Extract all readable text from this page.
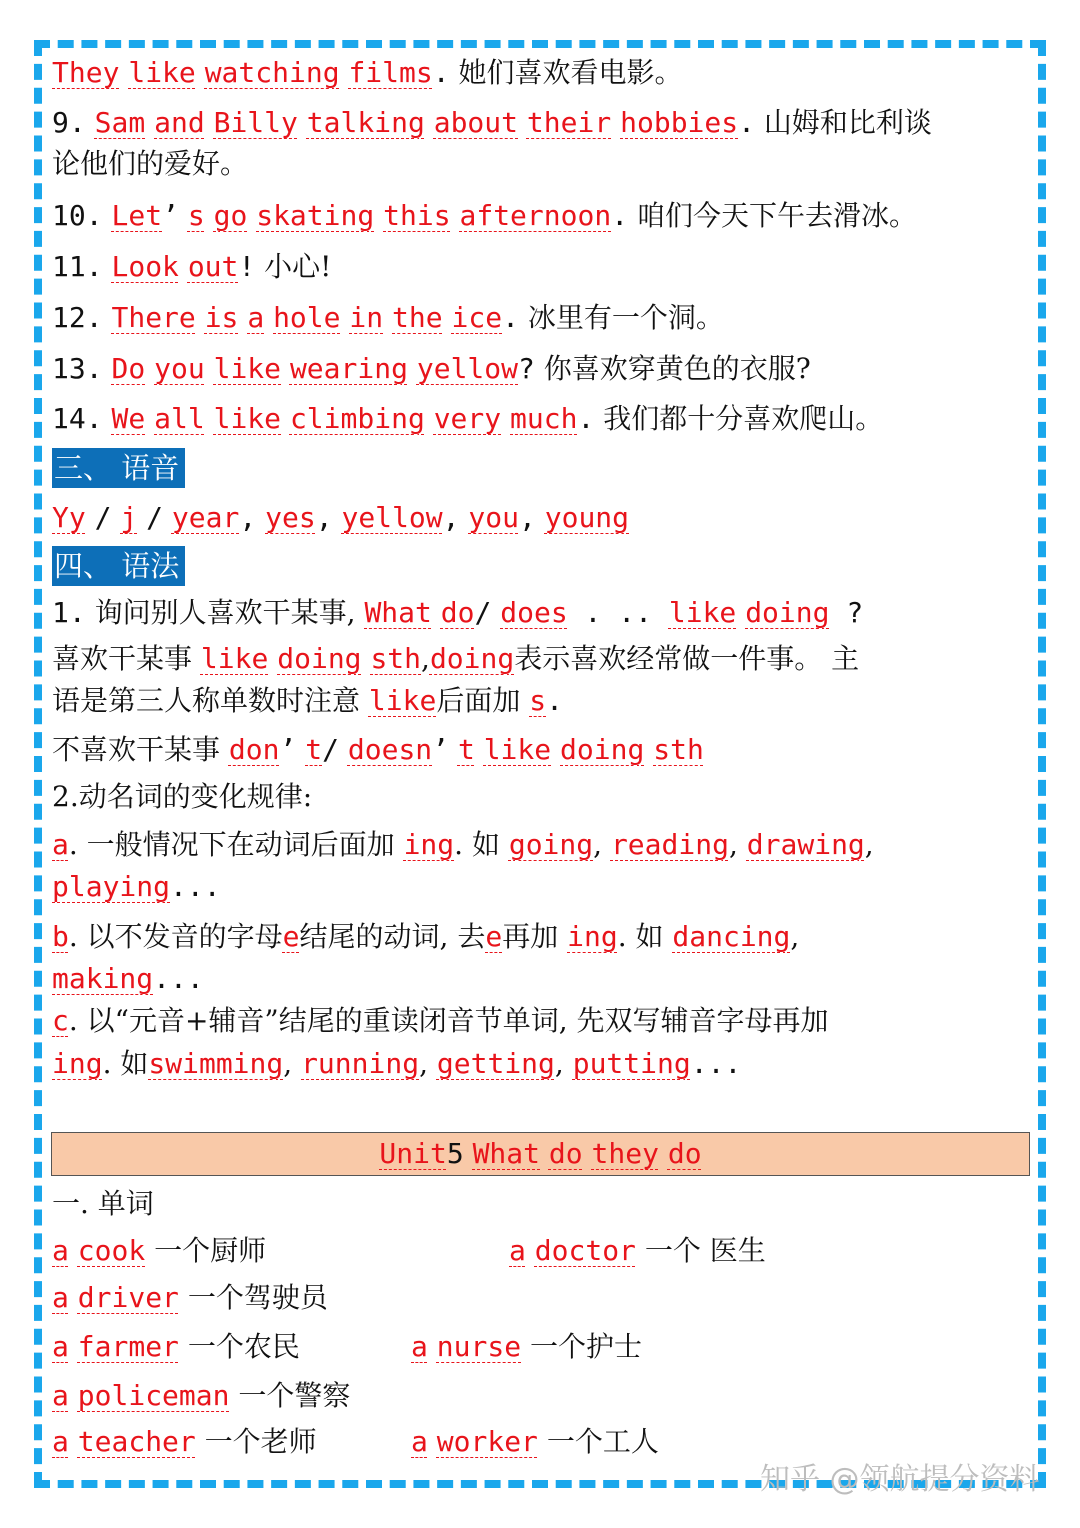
They like watching films. 她们喜欢看电影。
9. Sam and Billy talking about their hobbies. 山姆和比利谈
论他们的爱好。
10. Let’ s go skating this afternoon. 咱们今天下午去滑冰。
11. Look out! 小心!
12. There is a hole in the ice. 冰里有一个洞。
13. Do you like wearing yellow? 你喜欢穿黄色的衣服?
14. We all like climbing very much. 我们都十分喜欢爬山。
三、 语音
Yy / j / year, yes, yellow, you, young
四、 语法
1. 询问别人喜欢干某事, What do/ does . .. like doing ?
喜欢干某事 like doing sth,doing表示喜欢经常做一件事。 主
语是第三人称单数时注意 like后面加 s.
不喜欢干某事 don’ t/ doesn’ t like doing sth
2.动名词的变化规律:
a. 一般情况下在动词后面加 ing. 如 going, reading, drawing,
playing...
b. 以不发音的字母e结尾的动词, 去e再加 ing. 如 dancing,
making...
c. 以“元音+辅音”结尾的重读闭音节单词, 先双写辅音字母再加
ing. 如swimming, running, getting, putting...
Unit5 What do they do
一. 单词
a cook 一个厨师	a doctor 一个 医生
a driver 一个驾驶员
a farmer 一个农民	a nurse 一个护士
a policeman 一个警察
a teacher 一个老师	a worker 一个工人
知乎 @领航提分资料
